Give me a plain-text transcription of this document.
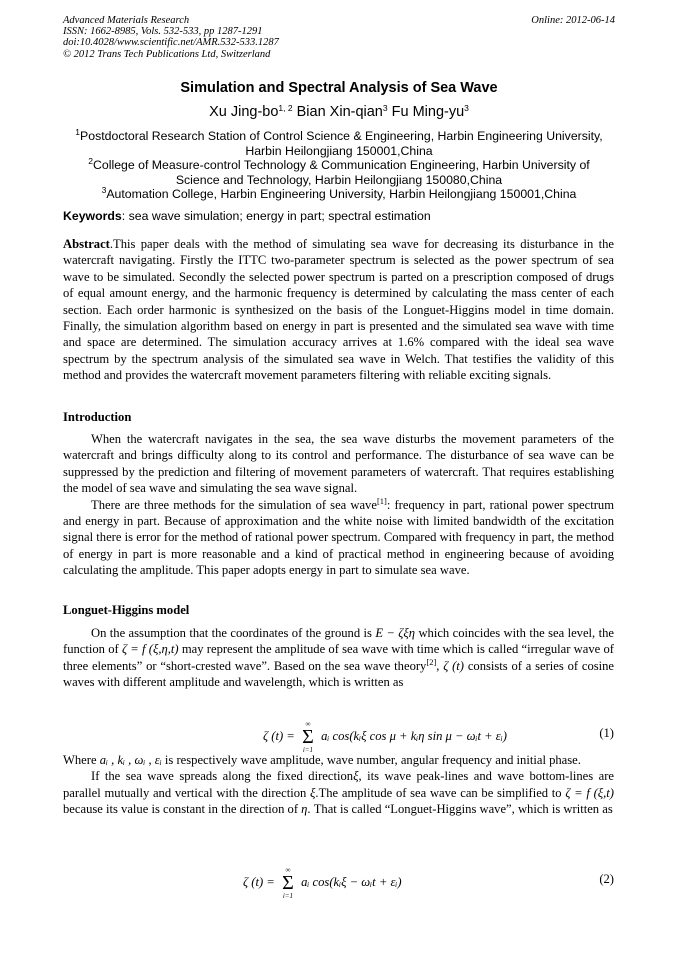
Advanced Materials Research
ISSN: 1662-8985, Vols. 532-533, pp 1287-1291
doi:10.4028/www.scientific.net/AMR.532-533.1287
© 2012 Trans Tech Publications Ltd, Switzerland
Online: 2012-06-14
Simulation and Spectral Analysis of Sea Wave
Xu Jing-bo$^{1, 2}$ Bian Xin-qian$^3$ Fu Ming-$yu^3$
$^1$Postdoctoral Research Station of Control Science & Engineering, Harbin Engineering University,
Harbin Heilongjiang 150001,China
$^2$College of Measure-control Technology & Communication Engineering, Harbin University of
Science and Technology, Harbin Heilongjiang 150080,China
$^3$Automation College, Harbin Engineering University, Harbin Heilongjiang 150001,China
Keywords: sea wave simulation; energy in part; spectral estimation
Abstract.This paper deals with the method of simulating sea wave for decreasing its disturbance in the watercraft navigating. Firstly the ITTC two-parameter spectrum is selected as the power spectrum of sea wave to be simulated. Secondly the selected power spectrum is parted on a prescription composed of drugs of equal amount energy, and the harmonic frequency is determined by calculating the mass center of each section. Each order harmonic is synthesized on the basis of the Longuet-Higgins model in time domain. Finally, the simulation algorithm based on energy in part is presented and the simulated sea wave with time and space are determined. The simulation accuracy arrives at 1.6% compared with the ideal sea wave spectrum by the spectrum analysis of the simulated sea wave in Welch. That testifies the validity of this method and provides the watercraft movement parameters filtering with reliable exciting signals.
Introduction

When the watercraft navigates in the sea, the sea wave disturbs the movement parameters of the watercraft and brings difficulty along to its control and performance. The disturbance of sea wave can be suppressed by the prediction and filtering of movement parameters of watercraft. That requires establishing the model of sea wave and simulating the sea wave signal.

There are three methods for the simulation of sea wave[1]: frequency in part, rational power spectrum and energy in part. Because of approximation and the white noise with limited bandwidth of the excitation signal there is error for the method of rational power spectrum. Compared with frequency in part, the method of energy in part is more reasonable and a kind of practical method in engineering because of avoiding calculating the amplitude. This paper adopts energy in part to simulate sea wave.

Longuet-Higgins model

On the assumption that the coordinates of the ground is E − ζξη which coincides with the sea level, the function of ζ = f (ξ,η,t) may represent the amplitude of sea wave with time which is called “irregular wave of three elements” or “short-crested wave”. Based on the sea wave theory[2], ζ (t) consists of a series of cosine waves with different amplitude and wavelength, which is written as

ζ (t) =
∞
Σ
i=1
aᵢ cos(kᵢξ cos μ + kᵢη sin μ − ωᵢt + εᵢ)	(1)

Where aᵢ , kᵢ , ωᵢ , εᵢ is respectively wave amplitude, wave number, angular frequency and initial phase.

If the sea wave spreads along the fixed directionξ, its wave peak-lines and wave bottom-lines are parallel mutually and vertical with the direction ξ.The amplitude of sea wave can be simplified to ζ = f (ξ,t) because its value is constant in the direction of η. That is called “Longuet-Higgins wave”, which is written as

ζ (t) =
∞
Σ
i=1
aᵢ cos(kᵢξ − ωᵢt + εᵢ)	(2)
